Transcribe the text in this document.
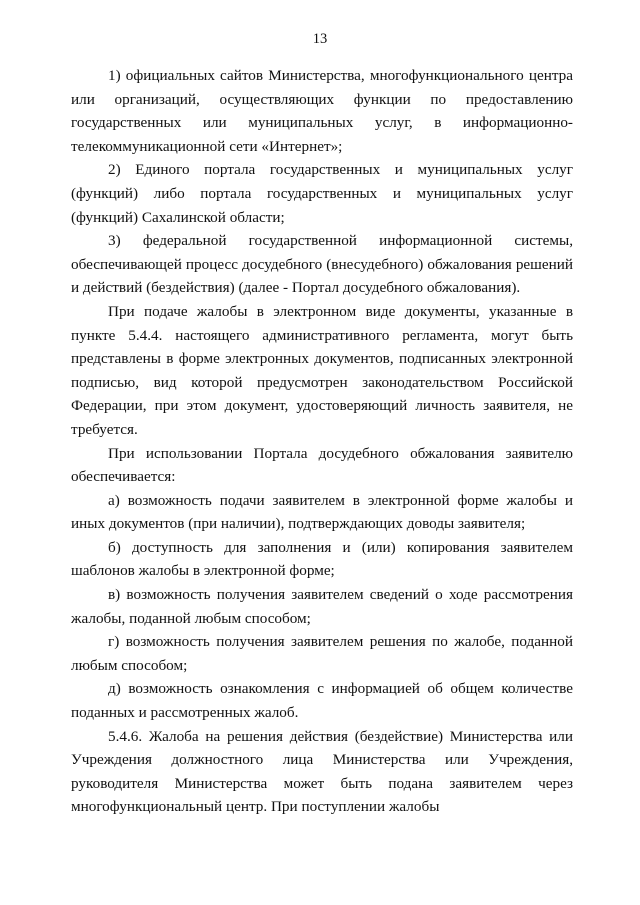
13

1) официальных сайтов Министерства, многофункционального центра или организаций, осуществляющих функции по предоставлению государственных или муниципальных услуг, в информационно-телекоммуникационной сети «Интернет»;

2) Единого портала государственных и муниципальных услуг (функций) либо портала государственных и муниципальных услуг (функций) Сахалинской области;

3) федеральной государственной информационной системы, обеспечивающей процесс досудебного (внесудебного) обжалования решений и действий (бездействия) (далее - Портал досудебного обжалования).

При подаче жалобы в электронном виде документы, указанные в пункте 5.4.4. настоящего административного регламента, могут быть представлены в форме электронных документов, подписанных электронной подписью, вид которой предусмотрен законодательством Российской Федерации, при этом документ, удостоверяющий личность заявителя, не требуется.

При использовании Портала досудебного обжалования заявителю обеспечивается:

а) возможность подачи заявителем в электронной форме жалобы и иных документов (при наличии), подтверждающих доводы заявителя;

б) доступность для заполнения и (или) копирования заявителем шаблонов жалобы в электронной форме;

в) возможность получения заявителем сведений о ходе рассмотрения жалобы, поданной любым способом;

г) возможность получения заявителем решения по жалобе, поданной любым способом;

д) возможность ознакомления с информацией об общем количестве поданных и рассмотренных жалоб.

5.4.6. Жалоба на решения действия (бездействие) Министерства или Учреждения должностного лица Министерства или Учреждения, руководителя Министерства может быть подана заявителем через многофункциональный центр. При поступлении жалобы
